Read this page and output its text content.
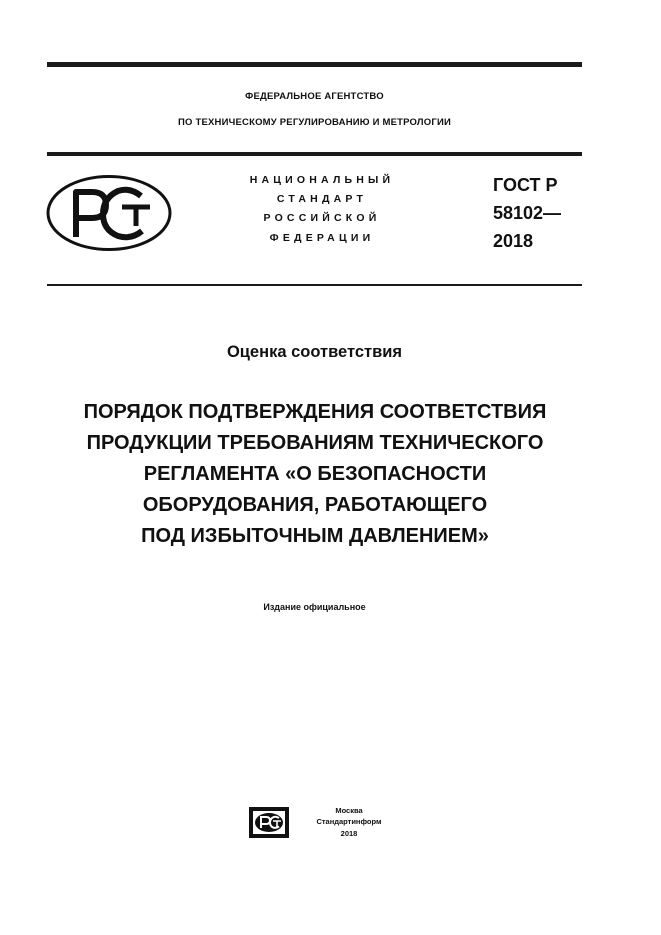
ФЕДЕРАЛЬНОЕ АГЕНТСТВО
ПО ТЕХНИЧЕСКОМУ РЕГУЛИРОВАНИЮ И МЕТРОЛОГИИ
НАЦИОНАЛЬНЫЙ
СТАНДАРТ
РОССИЙСКОЙ
ФЕДЕРАЦИИ
ГОСТ Р
58102—
2018
Оценка соответствия
ПОРЯДОК ПОДТВЕРЖДЕНИЯ СООТВЕТСТВИЯ
ПРОДУКЦИИ ТРЕБОВАНИЯМ ТЕХНИЧЕСКОГО
РЕГЛАМЕНТА «О БЕЗОПАСНОСТИ
ОБОРУДОВАНИЯ, РАБОТАЮЩЕГО
ПОД ИЗБЫТОЧНЫМ ДАВЛЕНИЕМ»
Издание официальное
Москва
Стандартинформ
2018
